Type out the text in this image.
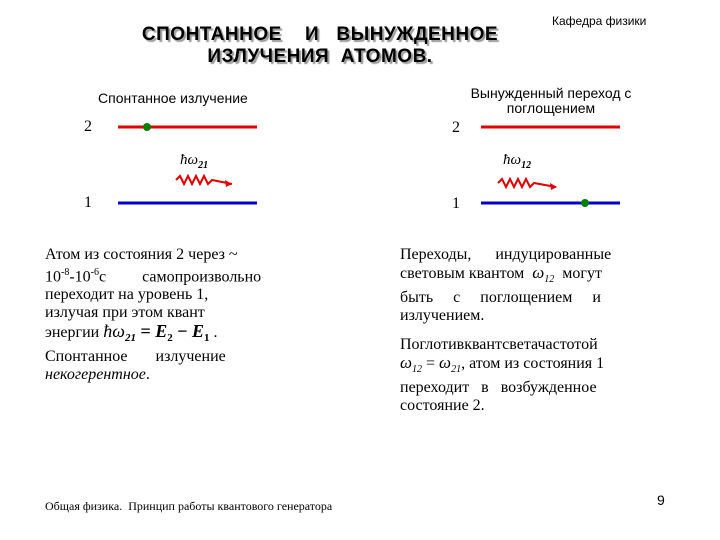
СПОНТАННОЕ    И   ВЫНУЖДЕННОЕ
ИЗЛУЧЕНИЯ  АТОМОВ.
Кафедра физики
Спонтанное излучение
2
1
$ħ\omega_{21}$	$ħ\omega_{12}$
Вынужденный переход с
поглощением
2
1
Атом из состояния 2 через ~
$10^{-8}-10^{-6}с$         самопроизвольно
переходит на уровень 1,
излучая при этом квант
энергии $ħ\omega_{21} = E_2 - E_1$ .
Спонтанное       излучение
некогерентное.
Переходы,      индуцированные
световым квантом $\omega_{12}$ могут
быть     с     поглощением     и
излучением.
Поглотивквантсветачастотой
$\omega_{12} = \omega_{21}$, атом из состояния 1
переходит   в   возбужденное
состояние 2.
Общая физика.  Принцип работы квантового генератора	9
